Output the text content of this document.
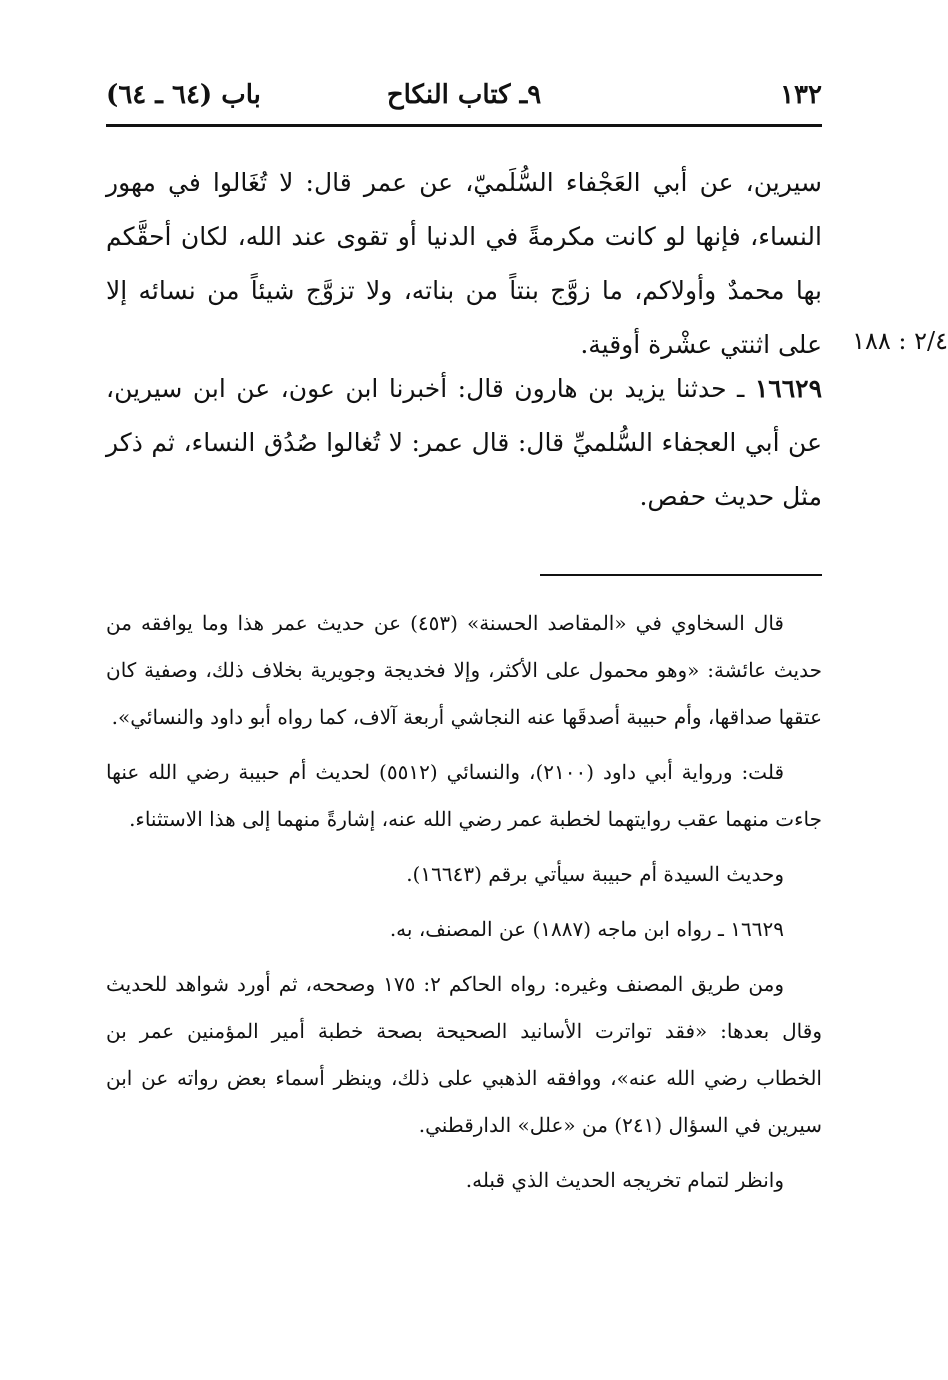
١٣٢
٩ـ كتاب النكاح
باب (٦٤ ـ ٦٤)
سيرين، عن أبي العَجْفاء السُّلَميّ، عن عمر قال: لا تُغَالوا في مهور النساء، فإنها لو كانت مكرمةً في الدنيا أو تقوى عند الله، لكان أحقَّكم بها محمدٌ وأولاكم، ما زوَّج بنتاً من بناته، ولا تزوَّج شيئاً من نسائه إلا على اثنتي عشْرة أوقية. ٢/٤ : ١٨٨
١٦٦٢٩ ـ حدثنا يزيد بن هارون قال: أخبرنا ابن عون، عن ابن سيرين، عن أبي العجفاء السُّلميِّ قال: قال عمر: لا تُغالوا صُدُق النساء، ثم ذكر مثل حديث حفص.

قال السخاوي في «المقاصد الحسنة» (٤٥٣) عن حديث عمر هذا وما يوافقه من حديث عائشة: «وهو محمول على الأكثر، وإلا فخديجة وجويرية بخلاف ذلك، وصفية كان عتقها صداقها، وأم حبيبة أصدقَها عنه النجاشي أربعة آلاف، كما رواه أبو داود والنسائي».

قلت: ورواية أبي داود (٢١٠٠)، والنسائي (٥٥١٢) لحديث أم حبيبة رضي الله عنها جاءت منهما عقب روايتهما لخطبة عمر رضي الله عنه، إشارةً منهما إلى هذا الاستثناء.

وحديث السيدة أم حبيبة سيأتي برقم (١٦٦٤٣).

١٦٦٢٩ ـ رواه ابن ماجه (١٨٨٧) عن المصنف، به.

ومن طريق المصنف وغيره: رواه الحاكم ٢: ١٧٥ وصححه، ثم أورد شواهد للحديث وقال بعدها: «فقد تواترت الأسانيد الصحيحة بصحة خطبة أمير المؤمنين عمر بن الخطاب رضي الله عنه»، ووافقه الذهبي على ذلك، وينظر أسماء بعض رواته عن ابن سيرين في السؤال (٢٤١) من «علل» الدارقطني.

وانظر لتمام تخريجه الحديث الذي قبله.
